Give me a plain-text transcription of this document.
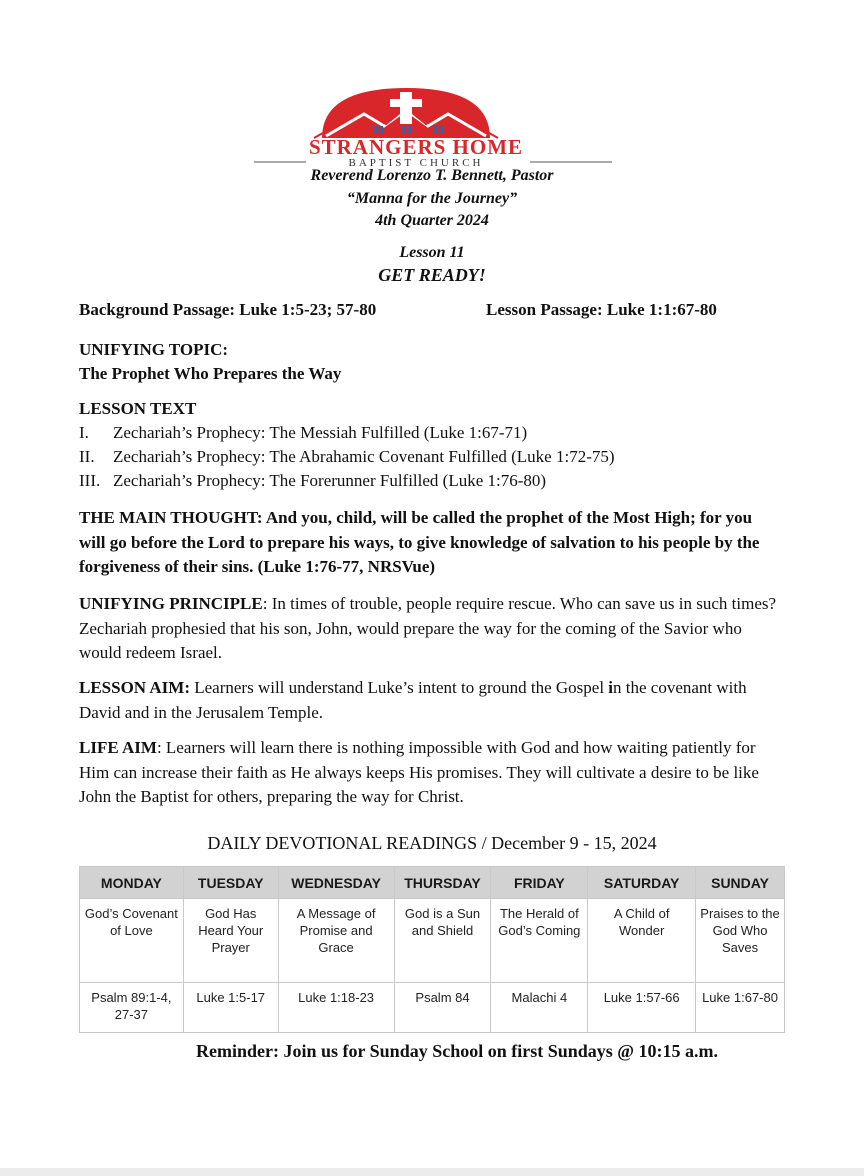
STRANGERS HOME
BAPTIST CHURCH
Reverend Lorenzo T. Bennett, Pastor
“Manna for the Journey”
4th Quarter 2024
Lesson 11
GET READY!
Background Passage: Luke 1:5-23; 57-80	Lesson Passage: Luke 1:1:67-80
UNIFYING TOPIC:
The Prophet Who Prepares the Way
LESSON TEXT
I.	Zechariah’s Prophecy: The Messiah Fulfilled (Luke 1:67-71)
II.	Zechariah’s Prophecy: The Abrahamic Covenant Fulfilled (Luke 1:72-75)
III. Zechariah’s Prophecy: The Forerunner Fulfilled (Luke 1:76-80)
THE MAIN THOUGHT: And you, child, will be called the prophet of the Most High; for you will go before the Lord to prepare his ways, to give knowledge of salvation to his people by the forgiveness of their sins. (Luke 1:76-77, NRSVue)
UNIFYING PRINCIPLE: In times of trouble, people require rescue. Who can save us in such times? Zechariah prophesied that his son, John, would prepare the way for the coming of the Savior who would redeem Israel.
LESSON AIM: Learners will understand Luke’s intent to ground the Gospel in the covenant with David and in the Jerusalem Temple.
LIFE AIM: Learners will learn there is nothing impossible with God and how waiting patiently for Him can increase their faith as He always keeps His promises. They will cultivate a desire to be like John the Baptist for others, preparing the way for Christ.
DAILY DEVOTIONAL READINGS / December 9 - 15, 2024
MONDAY	TUESDAY	WEDNESDAY	THURSDAY	FRIDAY	SATURDAY	SUNDAY
God’s Covenant of Love	God Has Heard Your Prayer	A Message of Promise and Grace	God is a Sun and Shield	The Herald of God’s Coming	A Child of Wonder	Praises to the God Who Saves
Psalm 89:1-4, 27-37	Luke 1:5-17	Luke 1:18-23	Psalm 84	Malachi 4	Luke 1:57-66	Luke 1:67-80
Reminder: Join us for Sunday School on first Sundays @ 10:15 a.m.
